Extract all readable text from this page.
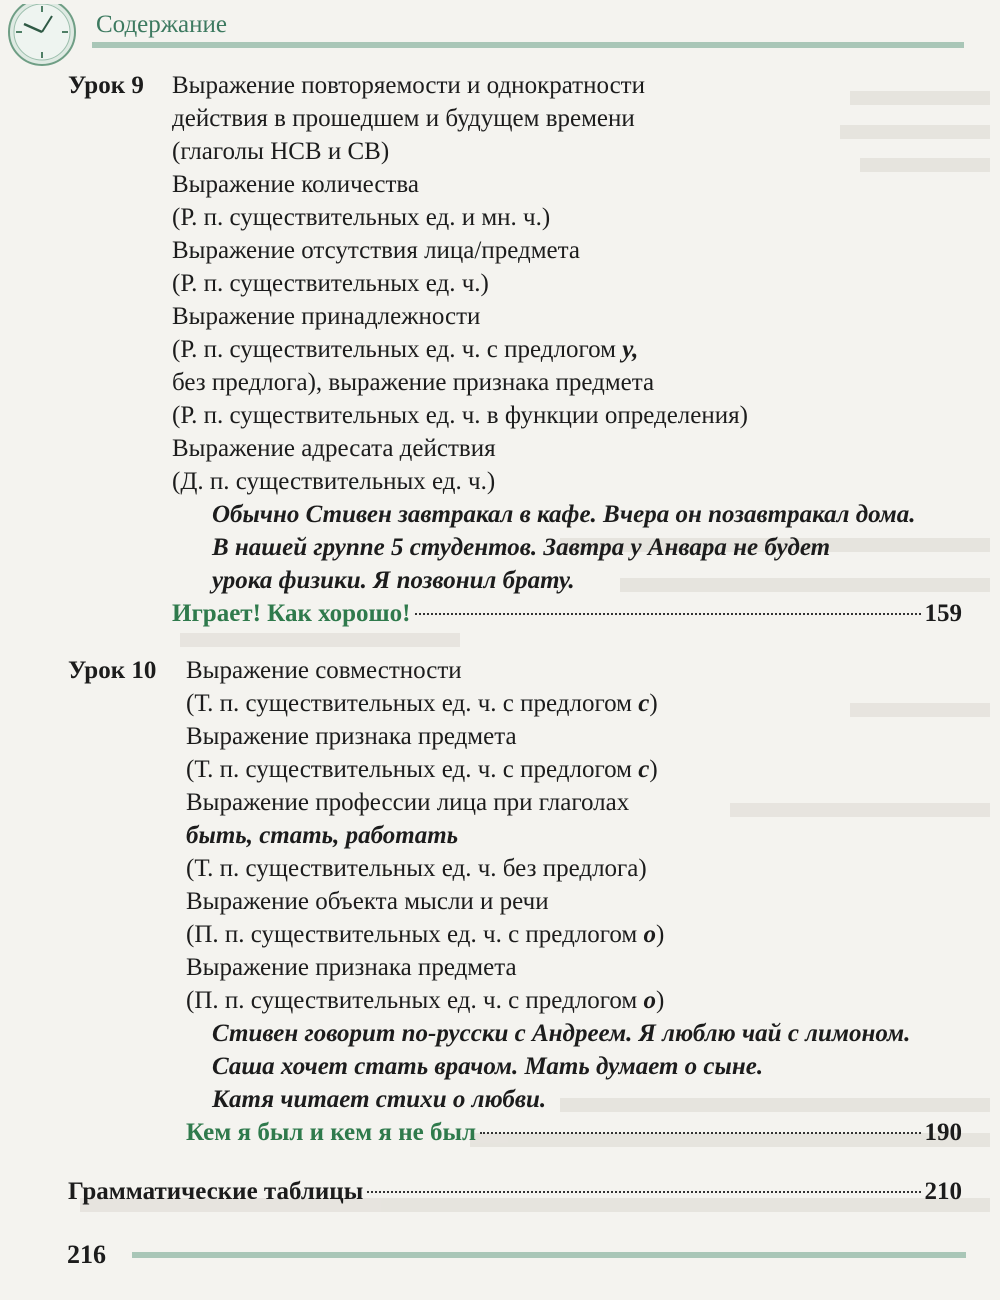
Содержание
Урок 9 Выражение повторяемости и однократности
действия в прошедшем и будущем времени
(глаголы НСВ и СВ)
Выражение количества
(Р. п. существительных ед. и мн. ч.)
Выражение отсутствия лица/предмета
(Р. п. существительных ед. ч.)
Выражение принадлежности
(Р. п. существительных ед. ч. с предлогом у,
без предлога), выражение признака предмета
(Р. п. существительных ед. ч. в функции определения)
Выражение адресата действия
(Д. п. существительных ед. ч.)
Обычно Стивен завтракал в кафе. Вчера он позавтракал дома.
В нашей группе 5 студентов. Завтра у Анвара не будет
урока физики. Я позвонил брату.
Играет! Как хорошо!	159
Урок 10 Выражение совместности
(Т. п. существительных ед. ч. с предлогом с)
Выражение признака предмета
(Т. п. существительных ед. ч. с предлогом с)
Выражение профессии лица при глаголах
быть, стать, работать
(Т. п. существительных ед. ч. без предлога)
Выражение объекта мысли и речи
(П. п. существительных ед. ч. с предлогом о)
Выражение признака предмета
(П. п. существительных ед. ч. с предлогом о)
Стивен говорит по-русски с Андреем. Я люблю чай с лимоном.
Саша хочет стать врачом. Мать думает о сыне.
Катя читает стихи о любви.
Кем я был и кем я не был	190
Грамматические таблицы	210
216
